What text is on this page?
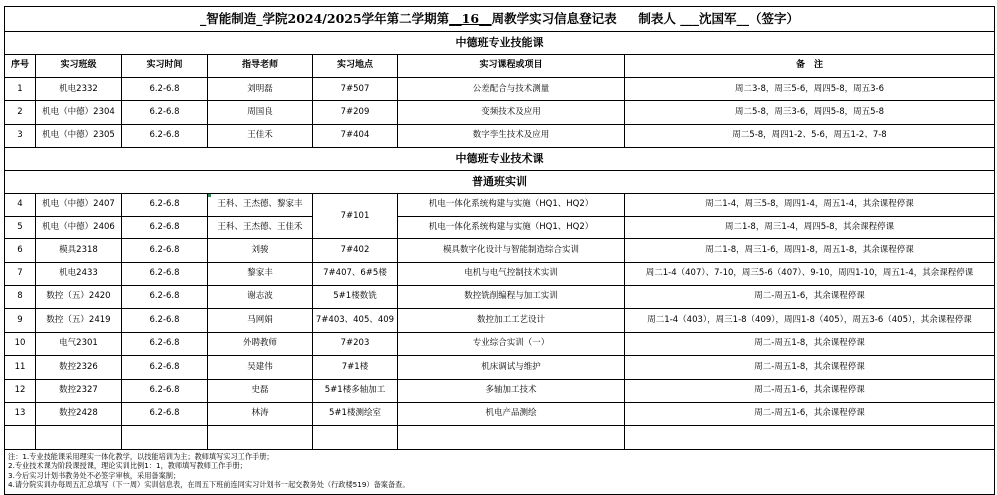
_智能制造_学院2024/2025学年第二学期第__16__周教学实习信息登记表 制表人 ___沈国军__（签字）						
中德班专业技能课						
序号	实习班级	实习时间	指导老师	实习地点	实习课程或项目	备　注
1	机电2332	6.2-6.8	刘明磊	7#507	公差配合与技术测量	周二3-8，周三5-6，周四5-8，周五3-6
2	机电（中德）2304	6.2-6.8	周国良	7#209	变频技术及应用	周二5-8，周三3-6，周四5-8，周五5-8
3	机电（中德）2305	6.2-6.8	王佳禾	7#404	数字孪生技术及应用	周二5-8，周四1-2、5-6，周五1-2、7-8
中德班专业技术课						
普通班实训						
4	机电（中德）2407	6.2-6.8	王科、王杰德、黎家丰	7#101	机电一体化系统构建与实施（HQ1、HQ2）	周二1-4，周三5-8，周四1-4，周五1-4，其余课程停课
5	机电（中德）2406	6.2-6.8	王科、王杰德、王佳禾		机电一体化系统构建与实施（HQ1、HQ2）	周二1-8，周三1-4，周四5-8，其余课程停课
6	模具2318	6.2-6.8	刘骏	7#402	模具数字化设计与智能制造综合实训	周二1-8，周三1-6，周四1-8，周五1-8，其余课程停课
7	机电2433	6.2-6.8	黎家丰	7#407、6#5楼	电机与电气控制技术实训	周二1-4（407）、7-10，周三5-6（407）、9-10，周四1-10，周五1-4，其余课程停课
8	数控（五）2420	6.2-6.8	谢志波	5#1楼数铣	数控铣削编程与加工实训	周二-周五1-6，其余课程停课
9	数控（五）2419	6.2-6.8	马网娟	7#403、405、409	数控加工工艺设计	周二1-4（403），周三1-8（409），周四1-8（405），周五3-6（405），其余课程停课
10	电气2301	6.2-6.8	外聘教师	7#203	专业综合实训（一）	周二-周五1-8，其余课程停课
11	数控2326	6.2-6.8	吴建伟	7#1楼	机床调试与维护	周二-周五1-8，其余课程停课
12	数控2327	6.2-6.8	史磊	5#1楼多轴加工	多轴加工技术	周二-周五1-6，其余课程停课
13	数控2428	6.2-6.8	林涛	5#1楼测绘室	机电产品测绘	周二-周五1-6，其余课程停课

注：1.专业技能课采用理实一体化教学，以技能培训为主；教师填写实习工作手册；
2.专业技术课为阶段课授课，理论实训比例1：1，教师填写教师工作手册；
3.今后实习计划书教务处不必签字审核，采用备案制；
4.请分院实训办每周五汇总填写（下一周）实训信息表，在周五下班前连同实习计划书一起交教务处（行政楼519）备案备查。						
